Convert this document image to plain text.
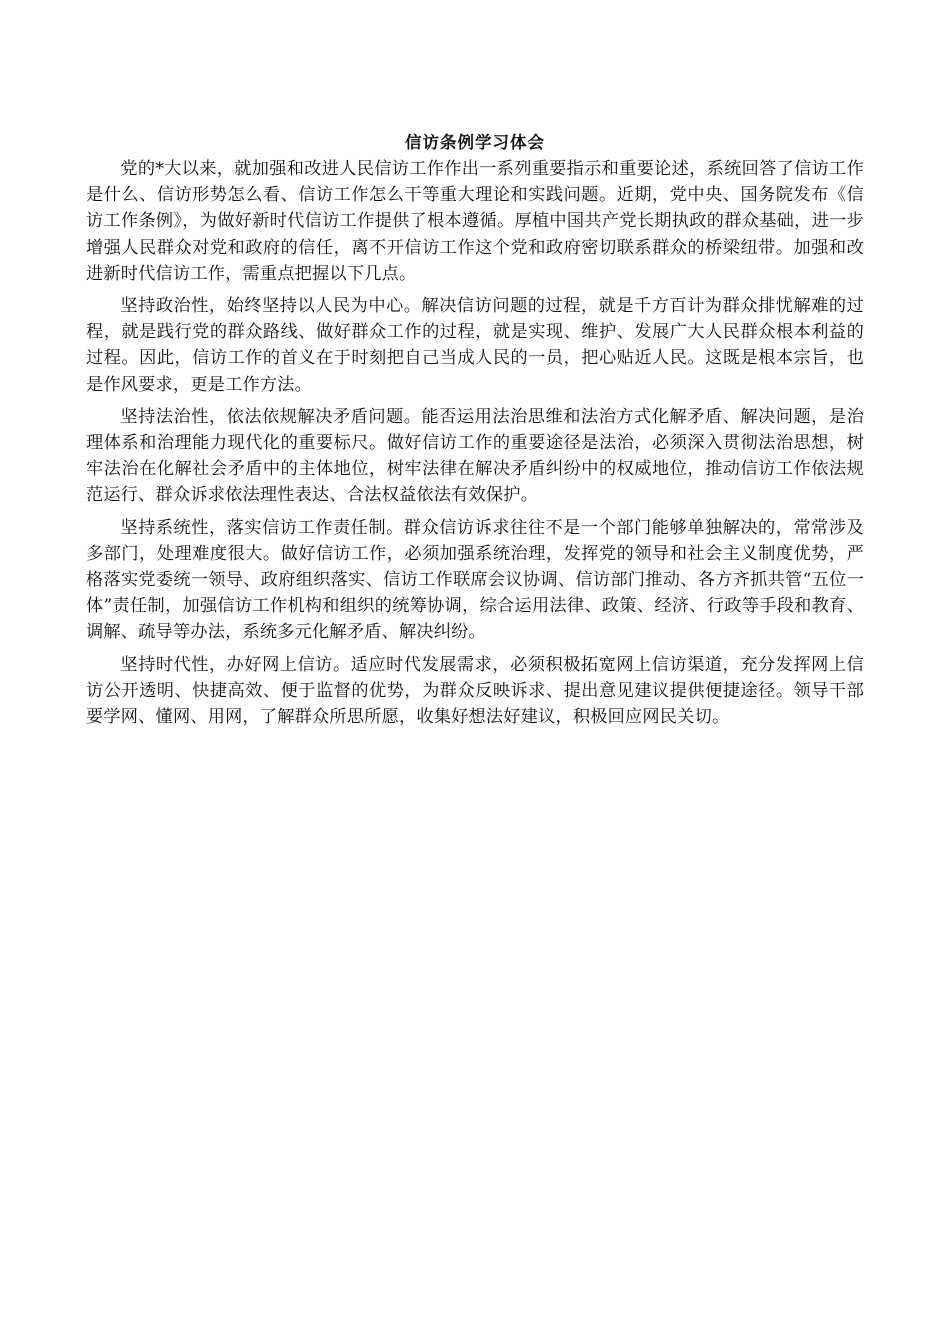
信访条例学习体会

党的*大以来，就加强和改进人民信访工作作出一系列重要指示和重要论述，系统回答了信访工作是什么、信访形势怎么看、信访工作怎么干等重大理论和实践问题。近期，党中央、国务院发布《信访工作条例》，为做好新时代信访工作提供了根本遵循。厚植中国共产党长期执政的群众基础，进一步增强人民群众对党和政府的信任，离不开信访工作这个党和政府密切联系群众的桥梁纽带。加强和改进新时代信访工作，需重点把握以下几点。

坚持政治性，始终坚持以人民为中心。解决信访问题的过程，就是千方百计为群众排忧解难的过程，就是践行党的群众路线、做好群众工作的过程，就是实现、维护、发展广大人民群众根本利益的过程。因此，信访工作的首义在于时刻把自己当成人民的一员，把心贴近人民。这既是根本宗旨，也是作风要求，更是工作方法。

坚持法治性，依法依规解决矛盾问题。能否运用法治思维和法治方式化解矛盾、解决问题，是治理体系和治理能力现代化的重要标尺。做好信访工作的重要途径是法治，必须深入贯彻法治思想，树牢法治在化解社会矛盾中的主体地位，树牢法律在解决矛盾纠纷中的权威地位，推动信访工作依法规范运行、群众诉求依法理性表达、合法权益依法有效保护。

坚持系统性，落实信访工作责任制。群众信访诉求往往不是一个部门能够单独解决的，常常涉及多部门，处理难度很大。做好信访工作，必须加强系统治理，发挥党的领导和社会主义制度优势，严格落实党委统一领导、政府组织落实、信访工作联席会议协调、信访部门推动、各方齐抓共管“五位一体”责任制，加强信访工作机构和组织的统筹协调，综合运用法律、政策、经济、行政等手段和教育、调解、疏导等办法，系统多元化解矛盾、解决纠纷。

坚持时代性，办好网上信访。适应时代发展需求，必须积极拓宽网上信访渠道，充分发挥网上信访公开透明、快捷高效、便于监督的优势，为群众反映诉求、提出意见建议提供便捷途径。领导干部要学网、懂网、用网，了解群众所思所愿，收集好想法好建议，积极回应网民关切。
